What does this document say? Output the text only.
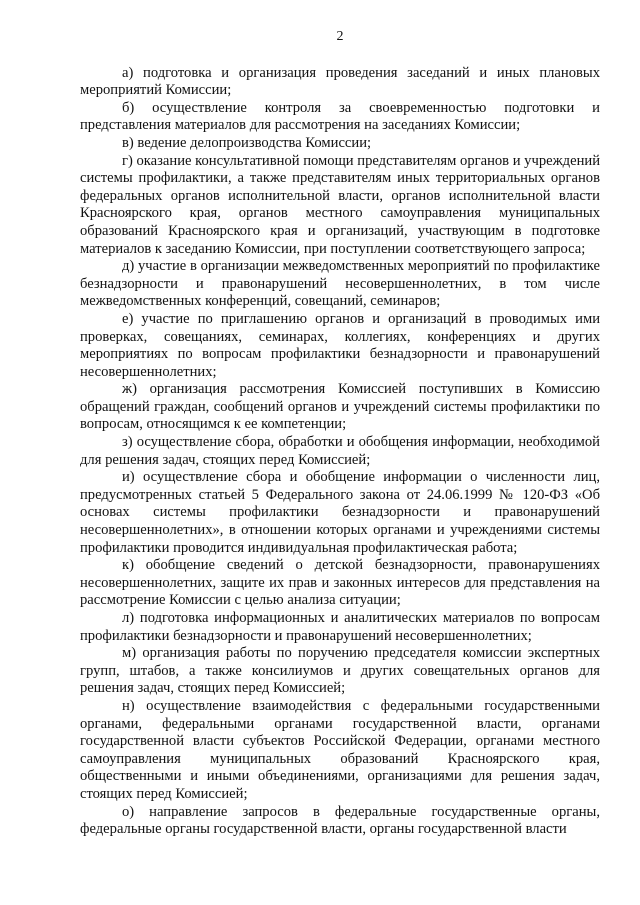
2

а) подготовка и организация проведения заседаний и иных плановых мероприятий Комиссии;

б) осуществление контроля за своевременностью подготовки и представления материалов для рассмотрения на заседаниях Комиссии;

в) ведение делопроизводства Комиссии;

г) оказание консультативной помощи представителям органов и учреждений системы профилактики, а также представителям иных территориальных органов федеральных органов исполнительной власти, органов исполнительной власти Красноярского края, органов местного самоуправления муниципальных образований Красноярского края и организаций, участвующим в подготовке материалов к заседанию Комиссии, при поступлении соответствующего запроса;

д) участие в организации межведомственных мероприятий по профилактике безнадзорности и правонарушений несовершеннолетних, в том числе межведомственных конференций, совещаний, семинаров;

е) участие по приглашению органов и организаций в проводимых ими проверках, совещаниях, семинарах, коллегиях, конференциях и других мероприятиях по вопросам профилактики безнадзорности и правонарушений несовершеннолетних;

ж) организация рассмотрения Комиссией поступивших в Комиссию обращений граждан, сообщений органов и учреждений системы профилактики по вопросам, относящимся к ее компетенции;

з) осуществление сбора, обработки и обобщения информации, необходимой для решения задач, стоящих перед Комиссией;

и) осуществление сбора и обобщение информации о численности лиц, предусмотренных статьей 5 Федерального закона от 24.06.1999 № 120-ФЗ «Об основах системы профилактики безнадзорности и правонарушений несовершеннолетних», в отношении которых органами и учреждениями системы профилактики проводится индивидуальная профилактическая работа;

к) обобщение сведений о детской безнадзорности, правонарушениях несовершеннолетних, защите их прав и законных интересов для представления на рассмотрение Комиссии с целью анализа ситуации;

л) подготовка информационных и аналитических материалов по вопросам профилактики безнадзорности и правонарушений несовершеннолетних;

м) организация работы по поручению председателя комиссии экспертных групп, штабов, а также консилиумов и других совещательных органов для решения задач, стоящих перед Комиссией;

н) осуществление взаимодействия с федеральными государственными органами, федеральными органами государственной власти, органами государственной власти субъектов Российской Федерации, органами местного самоуправления муниципальных образований Красноярского края, общественными и иными объединениями, организациями для решения задач, стоящих перед Комиссией;

о) направление запросов в федеральные государственные органы, федеральные органы государственной власти, органы государственной власти
